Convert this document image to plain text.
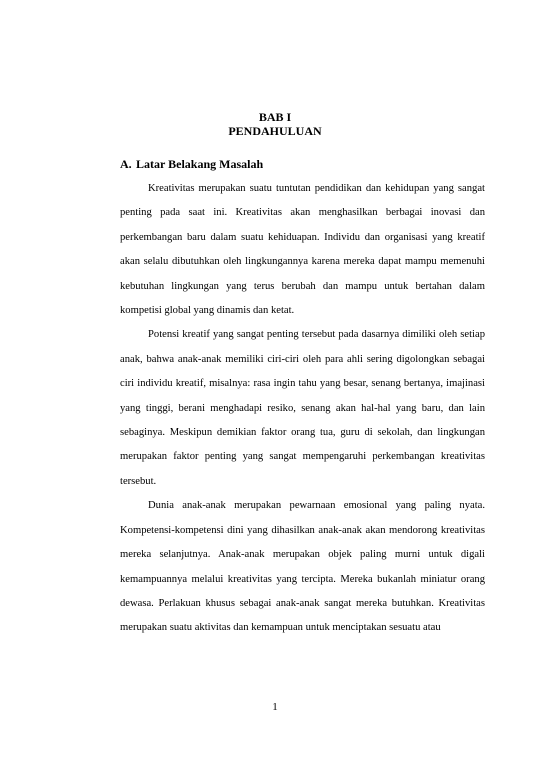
BAB I
PENDAHULUAN
A. Latar Belakang Masalah

Kreativitas merupakan suatu tuntutan pendidikan dan kehidupan yang sangat penting pada saat ini. Kreativitas akan menghasilkan berbagai inovasi dan perkembangan baru dalam suatu kehiduapan. Individu dan organisasi yang kreatif akan selalu dibutuhkan oleh lingkungannya karena mereka dapat mampu memenuhi kebutuhan lingkungan yang terus berubah dan mampu untuk bertahan dalam kompetisi global yang dinamis dan ketat.

Potensi kreatif yang sangat penting tersebut pada dasarnya dimiliki oleh setiap anak, bahwa anak-anak memiliki ciri-ciri oleh para ahli sering digolongkan sebagai ciri individu kreatif, misalnya: rasa ingin tahu yang besar, senang bertanya, imajinasi yang tinggi, berani menghadapi resiko, senang akan hal-hal yang baru, dan lain sebaginya. Meskipun demikian faktor orang tua, guru di sekolah, dan lingkungan merupakan faktor penting yang sangat mempengaruhi perkembangan kreativitas tersebut.

Dunia anak-anak merupakan pewarnaan emosional yang paling nyata. Kompetensi-kompetensi dini yang dihasilkan anak-anak akan mendorong kreativitas mereka selanjutnya. Anak-anak merupakan objek paling murni untuk digali kemampuannya melalui kreativitas yang tercipta. Mereka bukanlah miniatur orang dewasa. Perlakuan khusus sebagai anak-anak sangat mereka butuhkan. Kreativitas merupakan suatu aktivitas dan kemampuan untuk menciptakan sesuatu atau

1
